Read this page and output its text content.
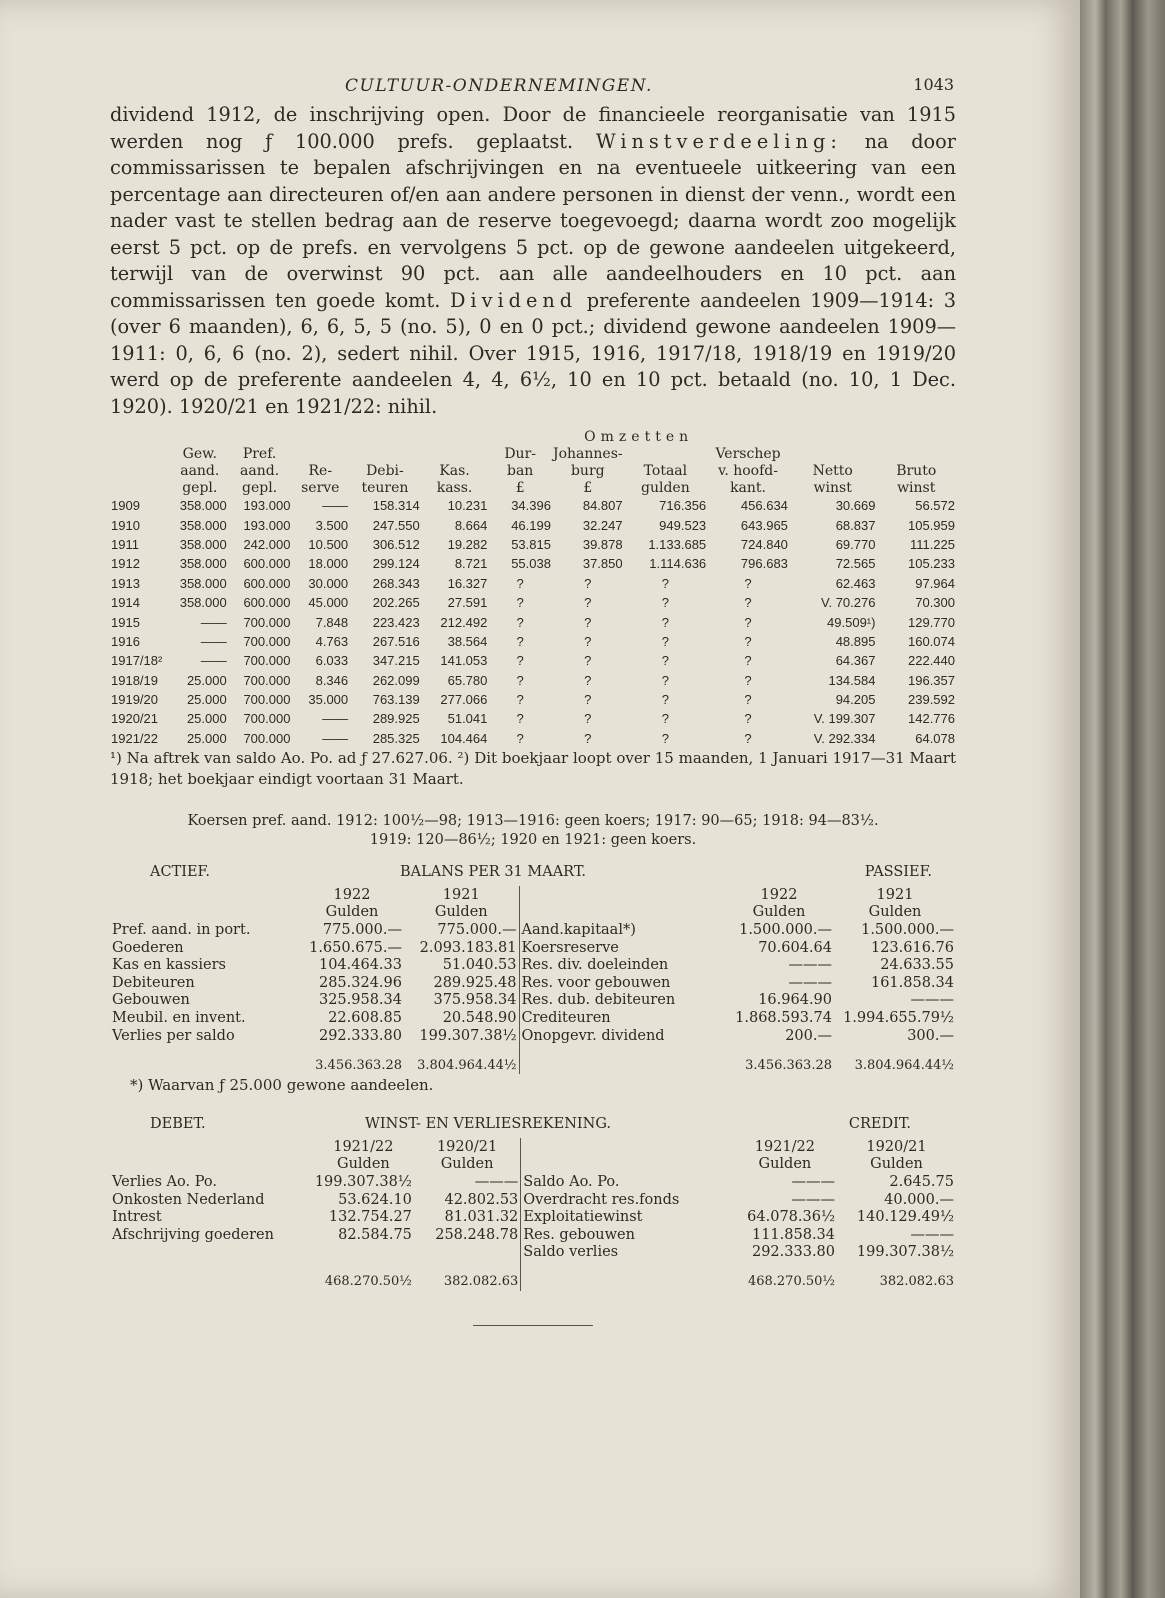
CULTUUR-ONDERNEMINGEN.	1043

dividend 1912, de inschrijving open. Door de financieele reorganisatie van 1915 werden nog ƒ 100.000 prefs. geplaatst. Winstverdeeling: na door commissarissen te bepalen afschrijvingen en na eventueele uitkeering van een percentage aan directeuren of/en aan andere personen in dienst der venn., wordt een nader vast te stellen bedrag aan de reserve toegevoegd; daarna wordt zoo mogelijk eerst 5 pct. op de prefs. en vervolgens 5 pct. op de gewone aandeelen uitgekeerd, terwijl van de overwinst 90 pct. aan alle aandeelhouders en 10 pct. aan commissarissen ten goede komt. Dividend preferente aandeelen 1909—1914: 3 (over 6 maanden), 6, 6, 5, 5 (no. 5), 0 en 0 pct.; dividend gewone aandeelen 1909—1911: 0, 6, 6 (no. 2), sedert nihil. Over 1915, 1916, 1917/18, 1918/19 en 1919/20 werd op de preferente aandeelen 4, 4, 6½, 10 en 10 pct. betaald (no. 10, 1 Dec. 1920). 1920/21 en 1921/22: nihil.

						Omzetten					
	Gew.	Pref.				Dur-	Johannes-		Verschep		
	aand.	aand.	Re-	Debi-	Kas.	ban	burg	Totaal	v. hoofd-	Netto	Bruto
	gepl.	gepl.	serve	teuren	kass.	£	£	gulden	kant.	winst	winst
1909	358.000	193.000	——	158.314	10.231	34.396	84.807	716.356	456.634	30.669	56.572
1910	358.000	193.000	3.500	247.550	8.664	46.199	32.247	949.523	643.965	68.837	105.959
1911	358.000	242.000	10.500	306.512	19.282	53.815	39.878	1.133.685	724.840	69.770	111.225
1912	358.000	600.000	18.000	299.124	8.721	55.038	37.850	1.114.636	796.683	72.565	105.233
1913	358.000	600.000	30.000	268.343	16.327	?	?	?	?	62.463	97.964
1914	358.000	600.000	45.000	202.265	27.591	?	?	?	?	V. 70.276	70.300
1915	——	700.000	7.848	223.423	212.492	?	?	?	?	49.509¹)	129.770
1916	——	700.000	4.763	267.516	38.564	?	?	?	?	48.895	160.074
1917/18²	——	700.000	6.033	347.215	141.053	?	?	?	?	64.367	222.440
1918/19	25.000	700.000	8.346	262.099	65.780	?	?	?	?	134.584	196.357
1919/20	25.000	700.000	35.000	763.139	277.066	?	?	?	?	94.205	239.592
1920/21	25.000	700.000	——	289.925	51.041	?	?	?	?	V. 199.307	142.776
1921/22	25.000	700.000	——	285.325	104.464	?	?	?	?	V. 292.334	64.078

¹) Na aftrek van saldo Ao. Po. ad ƒ 27.627.06. ²) Dit boekjaar loopt over 15 maanden, 1 Januari 1917—31 Maart 1918; het boekjaar eindigt voortaan 31 Maart.

Koersen pref. aand. 1912: 100½—98; 1913—1916: geen koers; 1917: 90—65; 1918: 94—83½.
1919: 120—86½; 1920 en 1921: geen koers.

ACTIEF.	BALANS PER 31 MAART.	PASSIEF.
	1922	1921		1922	1921
	Gulden	Gulden		Gulden	Gulden
Pref. aand. in port.	775.000.—	775.000.—	Aand.kapitaal*)	1.500.000.—	1.500.000.—
Goederen	1.650.675.—	2.093.183.81	Koersreserve	70.604.64	123.616.76
Kas en kassiers	104.464.33	51.040.53	Res. div. doeleinden	———	24.633.55
Debiteuren	285.324.96	289.925.48	Res. voor gebouwen	———	161.858.34
Gebouwen	325.958.34	375.958.34	Res. dub. debiteuren	16.964.90	———
Meubil. en invent.	22.608.85	20.548.90	Crediteuren	1.868.593.74	1.994.655.79½
Verlies per saldo	292.333.80	199.307.38½	Onopgevr. dividend	200.—	300.—
	3.456.363.28	3.804.964.44½		3.456.363.28	3.804.964.44½
*) Waarvan ƒ 25.000 gewone aandeelen.
DEBET.	WINST- EN VERLIESREKENING.	CREDIT.
	1921/22	1920/21		1921/22	1920/21
	Gulden	Gulden		Gulden	Gulden
Verlies Ao. Po.	199.307.38½	———	Saldo Ao. Po.	———	2.645.75
Onkosten Nederland	53.624.10	42.802.53	Overdracht res.fonds	———	40.000.—
Intrest	132.754.27	81.031.32	Exploitatiewinst	64.078.36½	140.129.49½
Afschrijving goederen	82.584.75	258.248.78	Res. gebouwen	111.858.34	———
			Saldo verlies	292.333.80	199.307.38½
	468.270.50½	382.082.63		468.270.50½	382.082.63
